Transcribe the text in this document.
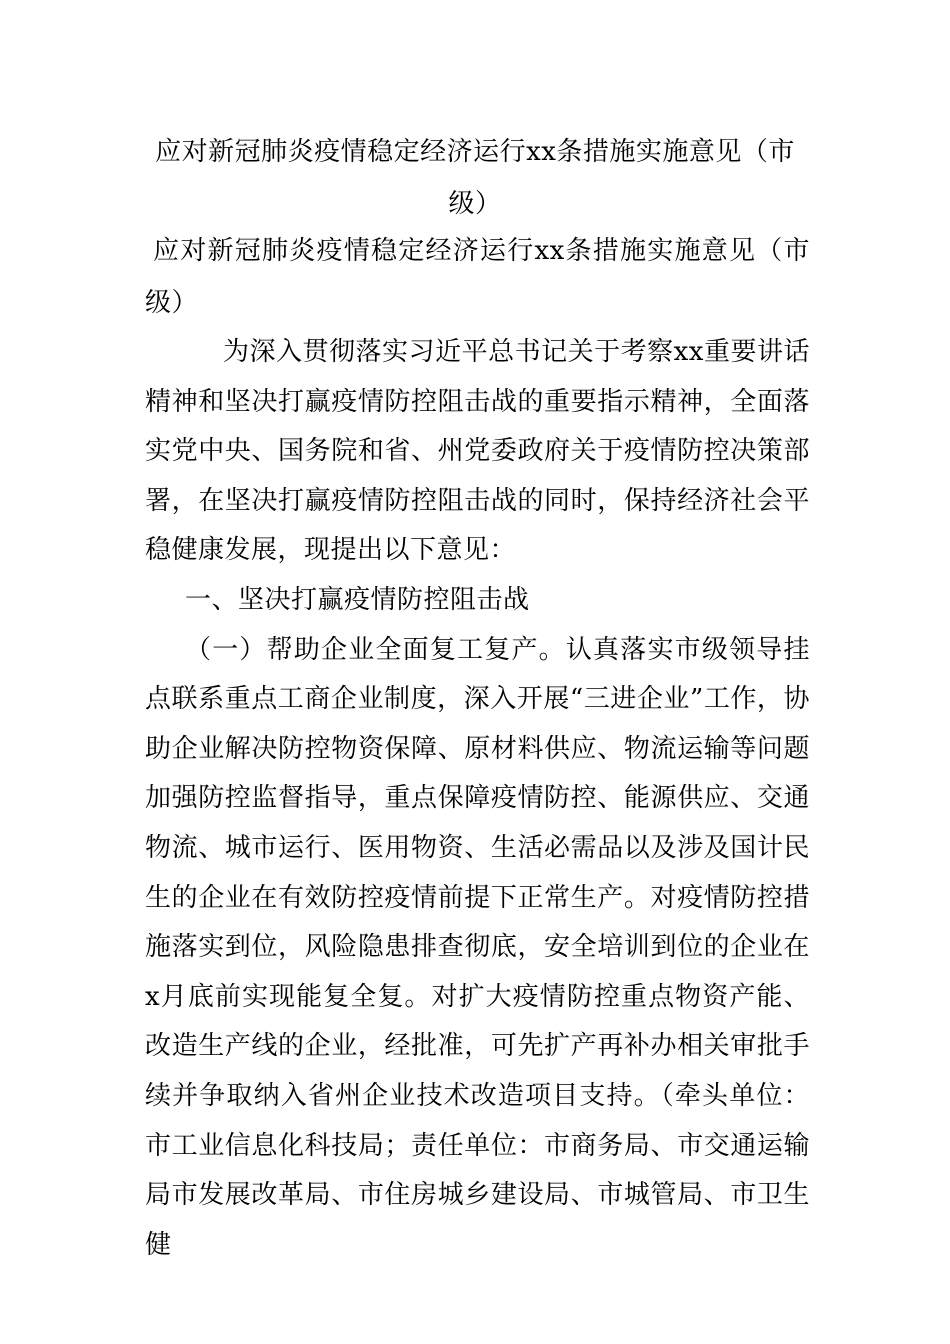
应对新冠肺炎疫情稳定经济运行xx条措施实施意见（市级）
应对新冠肺炎疫情稳定经济运行xx条措施实施意见（市级）

为深入贯彻落实习近平总书记关于考察xx重要讲话精神和坚决打赢疫情防控阻击战的重要指示精神，全面落实党中央、国务院和省、州党委政府关于疫情防控决策部署，在坚决打赢疫情防控阻击战的同时，保持经济社会平稳健康发展，现提出以下意见：

一、坚决打赢疫情防控阻击战

（一）帮助企业全面复工复产。认真落实市级领导挂点联系重点工商企业制度，深入开展“三进企业”工作，协助企业解决防控物资保障、原材料供应、物流运输等问题加强防控监督指导，重点保障疫情防控、能源供应、交通物流、城市运行、医用物资、生活必需品以及涉及国计民生的企业在有效防控疫情前提下正常生产。对疫情防控措施落实到位，风险隐患排查彻底，安全培训到位的企业在x月底前实现能复全复。对扩大疫情防控重点物资产能、改造生产线的企业，经批准，可先扩产再补办相关审批手续并争取纳入省州企业技术改造项目支持。（牵头单位：市工业信息化科技局；责任单位：市商务局、市交通运输局市发展改革局、市住房城乡建设局、市城管局、市卫生健
